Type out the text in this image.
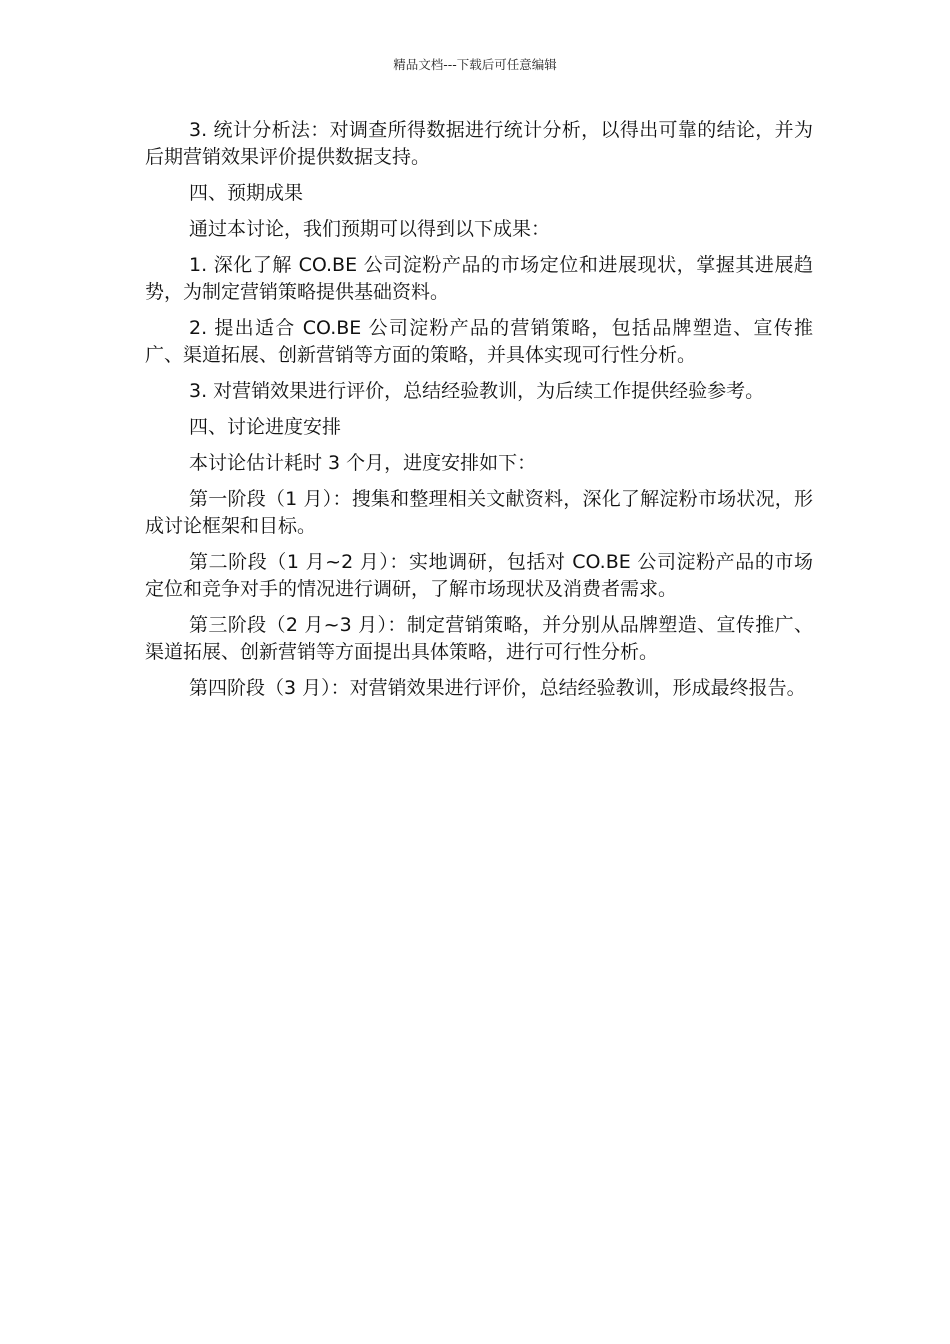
精品文档---下载后可任意编辑

3. 统计分析法：对调查所得数据进行统计分析，以得出可靠的结论，并为后期营销效果评价提供数据支持。

四、预期成果

通过本讨论，我们预期可以得到以下成果：

1. 深化了解 CO.BE 公司淀粉产品的市场定位和进展现状，掌握其进展趋势，为制定营销策略提供基础资料。

2. 提出适合 CO.BE 公司淀粉产品的营销策略，包括品牌塑造、宣传推广、渠道拓展、创新营销等方面的策略，并具体实现可行性分析。

3. 对营销效果进行评价，总结经验教训，为后续工作提供经验参考。

四、讨论进度安排

本讨论估计耗时 3 个月，进度安排如下：

第一阶段（1 月）：搜集和整理相关文献资料，深化了解淀粉市场状况，形成讨论框架和目标。

第二阶段（1 月~2 月）：实地调研，包括对 CO.BE 公司淀粉产品的市场定位和竞争对手的情况进行调研，了解市场现状及消费者需求。

第三阶段（2 月~3 月）：制定营销策略，并分别从品牌塑造、宣传推广、渠道拓展、创新营销等方面提出具体策略，进行可行性分析。

第四阶段（3 月）：对营销效果进行评价，总结经验教训，形成最终报告。
